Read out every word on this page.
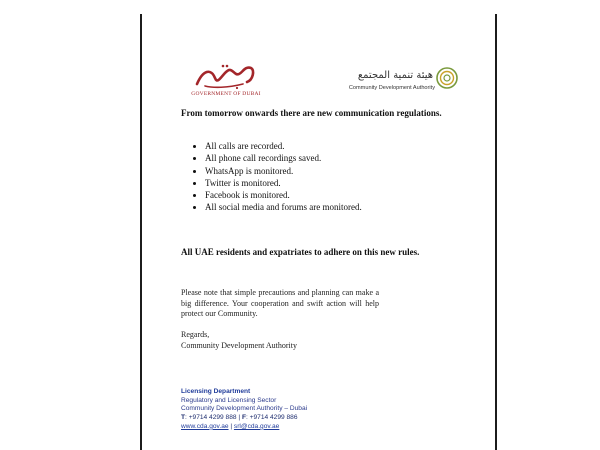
GOVERNMENT OF DUBAI
هيئة تنمية المجتمع
Community Development Authority
From tomorrow onwards there are new communication regulations.
• All calls are recorded.
• All phone call recordings saved.
• WhatsApp is monitored.
• Twitter is monitored.
• Facebook is monitored.
• All social media and forums are monitored.
All UAE residents and expatriates to adhere on this new rules.
Please note that simple precautions and planning can make a big difference. Your cooperation and swift action will help protect our Community.
Regards,
Community Development Authority
Licensing Department
Regulatory and Licensing Sector
Community Development Authority – Dubai
T: +9714 4299 888 | F: +9714 4299 886
www.cda.gov.ae | srl@cda.gov.ae
